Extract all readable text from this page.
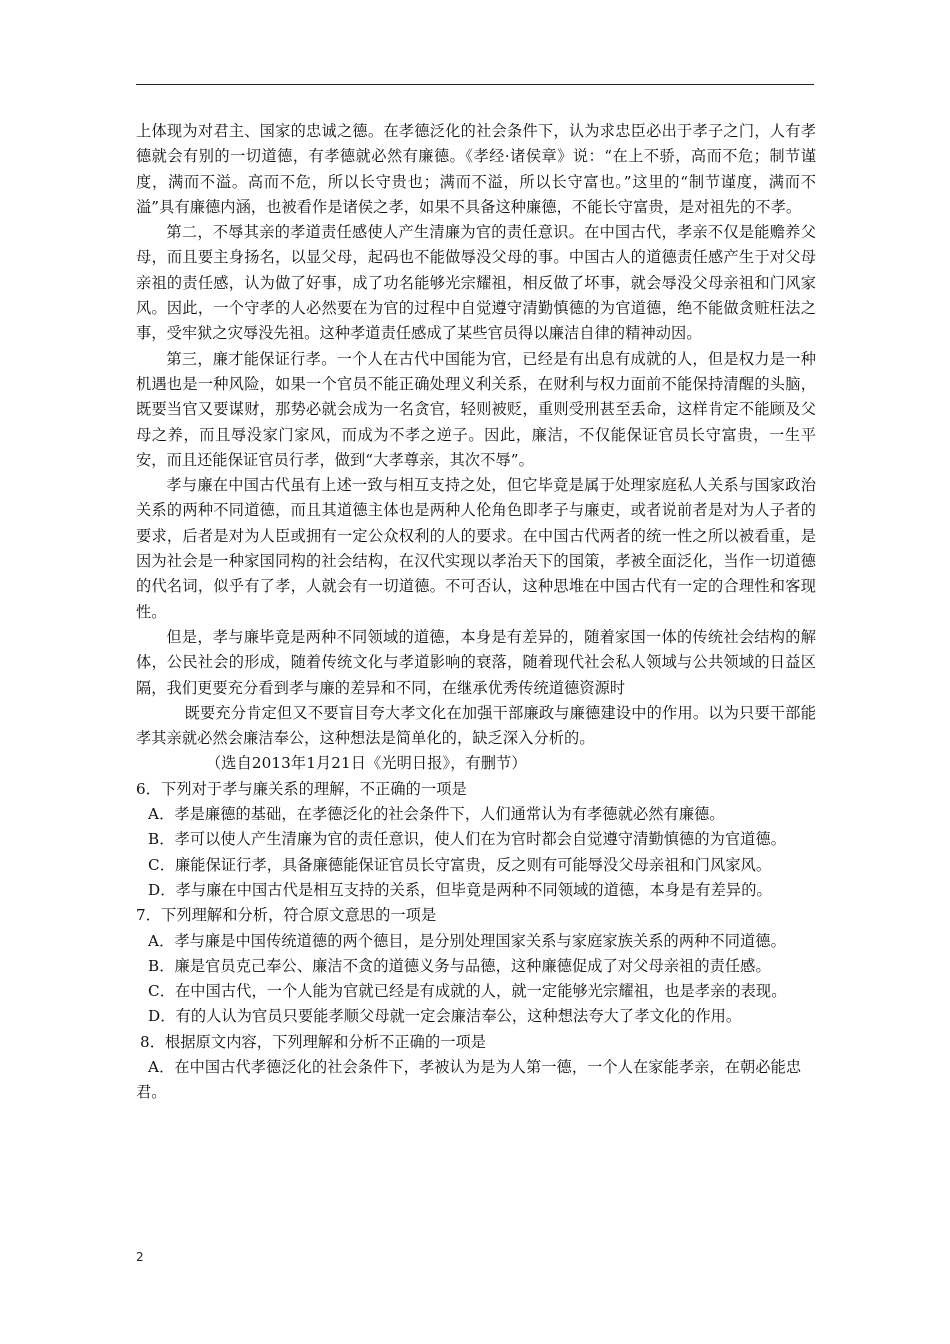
上体现为对君主、国家的忠诚之德。在孝德泛化的社会条件下，认为求忠臣必出于孝子之门，人有孝德就会有别的一切道德，有孝德就必然有廉德。《孝经·诸侯章》说：“在上不骄，高而不危；制节谨度，满而不溢。高而不危，所以长守贵也；满而不溢，所以长守富也。”这里的“制节谨度，满而不溢”具有廉德内涵，也被看作是诸侯之孝，如果不具备这种廉德，不能长守富贵，是对祖先的不孝。

第二，不辱其亲的孝道责任感使人产生清廉为官的责任意识。在中国古代，孝亲不仅是能赡养父母，而且要主身扬名，以显父母，起码也不能做辱没父母的事。中国古人的道德责任感产生于对父母亲祖的责任感，认为做了好事，成了功名能够光宗耀祖，相反做了坏事，就会辱没父母亲祖和门风家风。因此，一个守孝的人必然要在为官的过程中自觉遵守清勤慎德的为官道德，绝不能做贪赃枉法之事，受牢狱之灾辱没先祖。这种孝道责任感成了某些官员得以廉洁自律的精神动因。

第三，廉才能保证行孝。一个人在古代中国能为官，已经是有出息有成就的人，但是权力是一种机遇也是一种风险，如果一个官员不能正确处理义利关系，在财利与权力面前不能保持清醒的头脑，既要当官又要谋财，那势必就会成为一名贪官，轻则被贬，重则受刑甚至丢命，这样肯定不能顾及父母之养，而且辱没家门家风，而成为不孝之逆子。因此，廉洁，不仅能保证官员长守富贵，一生平安，而且还能保证官员行孝，做到“大孝尊亲，其次不辱”。

孝与廉在中国古代虽有上述一致与相互支持之处，但它毕竟是属于处理家庭私人关系与国家政治关系的两种不同道德，而且其道德主体也是两种人伦角色即孝子与廉吏，或者说前者是对为人子者的要求，后者是对为人臣或拥有一定公众权利的人的要求。在中国古代两者的统一性之所以被看重，是因为社会是一种家国同构的社会结构，在汉代实现以孝治天下的国策，孝被全面泛化，当作一切道德的代名词，似乎有了孝，人就会有一切道德。不可否认，这种思堆在中国古代有一定的合理性和客现性。

但是，孝与廉毕竟是两种不同领域的道德，本身是有差异的，随着家国一体的传统社会结构的解体，公民社会的形成，随着传统文化与孝道影响的衰落，随着现代社会私人领域与公共领域的日益区隔，我们更要充分看到孝与廉的差异和不同，在继承优秀传统道德资源时

既要充分肯定但又不要盲目夸大孝文化在加强干部廉政与廉德建设中的作用。以为只要干部能孝其亲就必然会廉洁奉公，这种想法是简单化的，缺乏深入分析的。

（选自2013年1月21日《光明日报》，有删节）

6．下列对于孝与廉关系的理解，不正确的一项是

A．孝是廉德的基础，在孝德泛化的社会条件下，人们通常认为有孝德就必然有廉德。

B．孝可以使人产生清廉为官的责任意识，使人们在为官时都会自觉遵守清勤慎德的为官道德。

C．廉能保证行孝，具备廉德能保证官员长守富贵，反之则有可能辱没父母亲祖和门风家风。

D．孝与廉在中国古代是相互支持的关系，但毕竟是两种不同领域的道德，本身是有差异的。

7．下列理解和分析，符合原文意思的一项是

A．孝与廉是中国传统道德的两个德目，是分别处理国家关系与家庭家族关系的两种不同道德。

B．廉是官员克己奉公、廉洁不贪的道德义务与品德，这种廉德促成了对父母亲祖的责任感。

C．在中国古代，一个人能为官就已经是有成就的人，就一定能够光宗耀祖，也是孝亲的表现。

D．有的人认为官员只要能孝顺父母就一定会廉洁奉公，这种想法夸大了孝文化的作用。

8．根据原文内容，下列理解和分析不正确的一项是

A．在中国古代孝德泛化的社会条件下，孝被认为是为人第一德，一个人在家能孝亲，在朝必能忠君。

2
